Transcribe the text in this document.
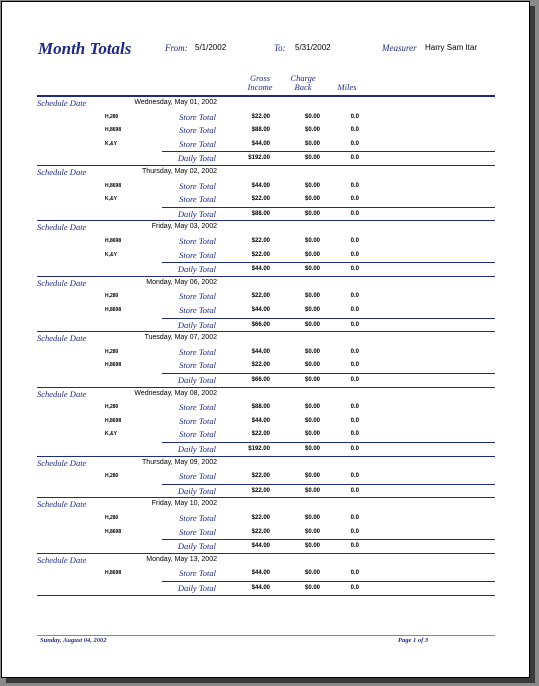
Month Totals	From: 5/1/2002	To: 5/31/2002	Measurer Harry Sam Itar
Gross
Income
Charge
Back	Miles
Schedule Date	Wednesday, May 01, 2002
H,280	Store Total	$22.00	$0.00	0.0
H,8698	Store Total	$88.00	$0.00	0.0
K,&Y	Store Total	$44.00	$0.00	0.0
Daily Total	$192.00	$0.00	0.0
Schedule Date	Thursday, May 02, 2002
H,8698	Store Total	$44.00	$0.00	0.0
K,&Y	Store Total	$22.00	$0.00	0.0
Daily Total	$88.00	$0.00	0.0
Schedule Date	Friday, May 03, 2002
H,8698	Store Total	$22.00	$0.00	0.0
K,&Y	Store Total	$22.00	$0.00	0.0
Daily Total	$44.00	$0.00	0.0
Schedule Date	Monday, May 06, 2002
H,280	Store Total	$22.00	$0.00	0.0
H,8698	Store Total	$44.00	$0.00	0.0
Daily Total	$66.00	$0.00	0.0
Schedule Date	Tuesday, May 07, 2002
H,280	Store Total	$44.00	$0.00	0.0
H,8698	Store Total	$22.00	$0.00	0.0
Daily Total	$66.00	$0.00	0.0
Schedule Date	Wednesday, May 08, 2002
H,280	Store Total	$88.00	$0.00	0.0
H,8698	Store Total	$44.00	$0.00	0.0
K,&Y	Store Total	$22.00	$0.00	0.0
Daily Total	$192.00	$0.00	0.0
Schedule Date	Thursday, May 09, 2002
H,280	Store Total	$22.00	$0.00	0.0
Daily Total	$22.00	$0.00	0.0
Schedule Date	Friday, May 10, 2002
H,280	Store Total	$22.00	$0.00	0.0
H,8698	Store Total	$22.00	$0.00	0.0
Daily Total	$44.00	$0.00	0.0
Schedule Date	Monday, May 13, 2002
H,8698	Store Total	$44.00	$0.00	0.0
Daily Total	$44.00	$0.00	0.0
Sunday, August 04, 2002	Page 1 of 3
